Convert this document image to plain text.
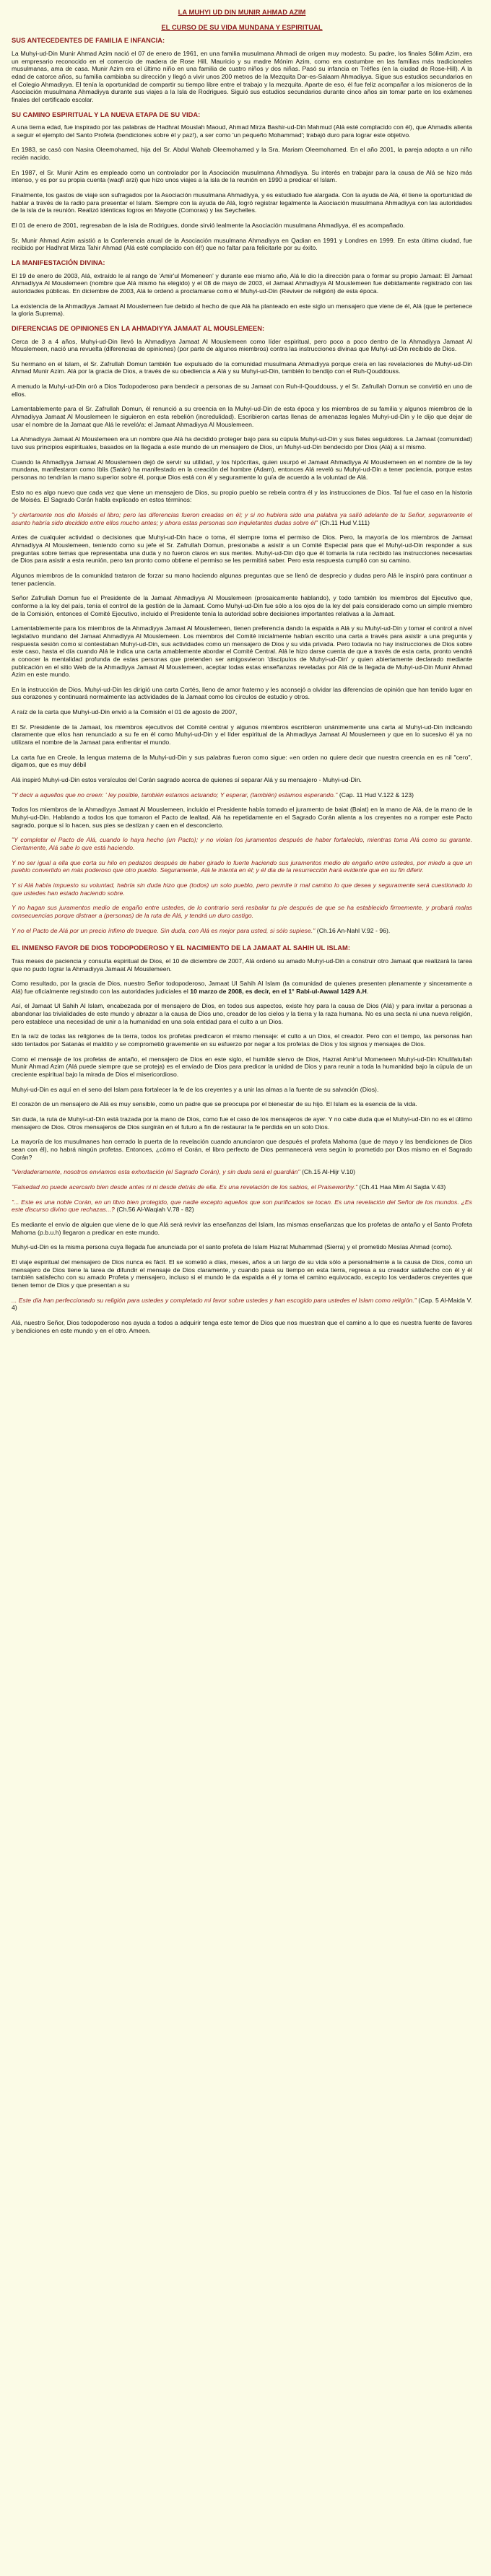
LA MUHYI UD DIN MUNIR AHMAD AZIM
EL CURSO DE SU VIDA MUNDANA Y ESPIRITUAL
SUS ANTECEDENTES DE FAMILIA E INFANCIA:

La Muhyi-ud-Din Munir Ahmad Azim nació el 07 de enero de 1961, en una familia musulmana Ahmadi de origen muy modesto. Su padre, los finales Sólim Azim, era un empresario reconocido en el comercio de madera de Rose Hill, Mauricio y su madre Mónim Azim, como era costumbre en las familias más tradicionales musulmanas, ama de casa. Munir Azim era el último niño en una familia de cuatro niños y dos niñas. Pasó su infancia en Tréfles (en la ciudad de Rose-Hill). A la edad de catorce años, su familia cambiaba su dirección y llegó a vivir unos 200 metros de la Mezquita Dar-es-Salaam Ahmadiyya. Sigue sus estudios secundarios en el Colegio Ahmadiyya. El tenía la oportunidad de compartir su tiempo libre entre el trabajo y la mezquita. Aparte de eso, él fue feliz acompañar a los misioneros de la Asociación musulmana Ahmadiyya durante sus viajes a la Isla de Rodrigues. Siguió sus estudios secundarios durante cinco años sin tomar parte en los exámenes finales del certificado escolar.

SU CAMINO ESPIRITUAL Y LA NUEVA ETAPA DE SU VIDA:

A una tierna edad, fue inspirado por las palabras de Hadhrat Mouslah Maoud, Ahmad Mirza Bashir-ud-Din Mahmud (Alá esté complacido con él), que Ahmadis alienta a seguir el ejemplo del Santo Profeta (bendiciones sobre él y paz!), a ser como 'un pequeño Mohammad'; trabajó duro para lograr este objetivo.

En 1983, se casó con Nasira Oleemohamed, hija del Sr. Abdul Wahab Oleemohamed y la Sra. Mariam Oleemohamed. En el año 2001, la pareja adopta a un niño recién nacido.

En 1987, el Sr. Munir Azim es empleado como un controlador por la Asociación musulmana Ahmadiyya. Su interés en trabajar para la causa de Alá se hizo más intenso, y es por su propia cuenta (waqfi arzi) que hizo unos viajes a la isla de la reunión en 1990 a predicar el Islam.

Finalmente, los gastos de viaje son sufragados por la Asociación musulmana Ahmadiyya, y es estudiado fue alargada. Con la ayuda de Alá, él tiene la oportunidad de hablar a través de la radio para presentar el Islam. Siempre con la ayuda de Alá, logró registrar legalmente la Asociación musulmana Ahmadiyya con las autoridades de la isla de la reunión. Realizó idénticas logros en Mayotte (Comoras) y las Seychelles.

El 01 de enero de 2001, regresaban de la isla de Rodrigues, donde sirvió lealmente la Asociación musulmana Ahmadiyya, él es acompañado.

Sr. Munir Ahmad Azim asistió a la Conferencia anual de la Asociación musulmana Ahmadiyya en Qadian en 1991 y Londres en 1999. En esta última ciudad, fue recibido por Hadhrat Mirza Tahir Ahmad (Alá esté complacido con él!) que no faltar para felicitarle por su éxito.

LA MANIFESTACIÓN DIVINA:

El 19 de enero de 2003, Alá, extraído le al rango de 'Amir'ul Momeneen' y durante ese mismo año, Alá le dio la dirección para o formar su propio Jamaat: El Jamaat Ahmadiyya Al Mouslemeen (nombre que Alá mismo ha elegido) y el 08 de mayo de 2003, el Jamaat Ahmadiyya Al Mouslemeen fue debidamente registrado con las autoridades públicas. En diciembre de 2003, Alá le ordenó a proclamarse como el Muhyi-ud-Din (Reviver de religión) de esta época.

La existencia de la Ahmadiyya Jamaat Al Mouslemeen fue debido al hecho de que Alá ha planteado en este siglo un mensajero que viene de él, Alá (que le pertenece la gloria Suprema).

DIFERENCIAS DE OPINIONES EN LA AHMADIYYA JAMAAT AL MOUSLEMEEN:

Cerca de 3 a 4 años, Muhyi-ud-Din llevó la Ahmadiyya Jamaat Al Mouslemeen como líder espiritual, pero poco a poco dentro de la Ahmadiyya Jamaat Al Mouslemeen, nació una revuelta (diferencias de opiniones) (por parte de algunos miembros) contra las instrucciones divinas que Muhyi-ud-Din recibido de Dios.

Su hermano en el Islam, el Sr. Zafrullah Domun también fue expulsado de la comunidad musulmana Ahmadiyya porque creía en las revelaciones de Muhyi-ud-Din Ahmad Munir Azim. Alá por la gracia de Dios, a través de su obediencia a Alá y su Muhyi-ud-Din, también lo bendijo con el Ruh-Qouddouss.

A menudo la Muhyi-ud-Din oró a Dios Todopoderoso para bendecir a personas de su Jamaat con Ruh-il-Qouddouss, y el Sr. Zafrullah Domun se convirtió en uno de ellos.

Lamentablemente para el Sr. Zafrullah Domun, él renunció a su creencia en la Muhyi-ud-Din de esta época y los miembros de su familia y algunos miembros de la Ahmadiyya Jamaat Al Mouslemeen le siguieron en esta rebelión (incredulidad). Escribieron cartas llenas de amenazas legales Muhyi-ud-Din y le dijo que dejar de usar el nombre de la Jamaat que Alá le reveló/a: el Jamaat Ahmadiyya Al Mouslemeen.

La Ahmadiyya Jamaat Al Mouslemeen era un nombre que Alá ha decidido proteger bajo para su cúpula Muhyi-ud-Din y sus fieles seguidores. La Jamaat (comunidad) tuvo sus principios espirituales, basados en la llegada a este mundo de un mensajero de Dios, un Muhyi-ud-Din bendecido por Dios (Alá) a sí mismo.

Cuando la Ahmadiyya Jamaat Al Mouslemeen dejó de servir su utilidad, y los hipócritas, quien usurpó el Jamaat Ahmadiyya Al Mouslemeen en el nombre de la ley mundana, manifestaron como Iblis (Satán) ha manifestado en la creación del hombre (Adam), entonces Alá reveló su Muhyi-ud-Din a tener paciencia, porque estas personas no tendrían la mano superior sobre él, porque Dios está con él y seguramente lo guía de acuerdo a la voluntad de Alá.

Esto no es algo nuevo que cada vez que viene un mensajero de Dios, su propio pueblo se rebela contra él y las instrucciones de Dios. Tal fue el caso en la historia de Moisés. El Sagrado Corán habla explicado en estos términos:

"y ciertamente nos dio Moisés el libro; pero las diferencias fueron creadas en él; y si no hubiera sido una palabra ya salió adelante de tu Señor, seguramente el asunto habría sido decidido entre ellos mucho antes; y ahora estas personas son inquietantes dudas sobre él" (Ch.11 Hud V.111)

Antes de cualquier actividad o decisiones que Muhyi-ud-Din hace o toma, él siempre toma el permiso de Dios. Pero, la mayoría de los miembros de Jamaat Ahmadiyya Al Mouslemeen, teniendo como su jefe el Sr. Zafrullah Domun, presionaba a asistir a un Comité Especial para que el Muhyi-ud-Din responder a sus preguntas sobre temas que representaba una duda y no fueron claros en sus mentes. Muhyi-ud-Din dijo que él tomaría la ruta recibido las instrucciones necesarias de Dios para asistir a esta reunión, pero tan pronto como obtiene el permiso se les permitirá saber. Pero esta respuesta cumplió con su camino.

Algunos miembros de la comunidad trataron de forzar su mano haciendo algunas preguntas que se llenó de desprecio y dudas pero Alá le inspiró para continuar a tener paciencia.

Señor Zafrullah Domun fue el Presidente de la Jamaat Ahmadiyya Al Mouslemeen (prosaicamente hablando), y todo también los miembros del Ejecutivo que, conforme a la ley del país, tenía el control de la gestión de la Jamaat. Como Muhyi-ud-Din fue sólo a los ojos de la ley del país considerado como un simple miembro de la Comisión, entonces el Comité Ejecutivo, incluido el Presidente tenía la autoridad sobre decisiones importantes relativas a la Jamaat.

Lamentablemente para los miembros de la Ahmadiyya Jamaat Al Mouslemeen, tienen preferencia dando la espalda a Alá y su Muhyi-ud-Din y tomar el control a nivel legislativo mundano del Jamaat Ahmadiyya Al Mouslemeen. Los miembros del Comité inicialmente habían escrito una carta a través para asistir a una pregunta y respuesta sesión como si contestaban Muhyi-ud-Din, sus actividades como un mensajero de Dios y su vida privada. Pero todavía no hay instrucciones de Dios sobre este caso, hasta el día cuando Alá le indica una carta amablemente abordar el Comité Central. Alá le hizo darse cuenta de que a través de esta carta, pronto vendrá a conocer la mentalidad profunda de estas personas que pretenden ser amigosvieron 'discípulos de Muhyi-ud-Din' y quien abiertamente declarado mediante publicación en el sitio Web de la Ahmadiyya Jamaat Al Mouslemeen, aceptar todas estas enseñanzas reveladas por Alá de la llegada de Muhyi-ud-Din Munir Ahmad Azim en este mundo.

En la instrucción de Dios, Muhyi-ud-Din les dirigió una carta Cortés, lleno de amor fraterno y les aconsejó a olvidar las diferencias de opinión que han tenido lugar en sus corazones y continuará normalmente las actividades de la Jamaat como los círculos de estudio y otros.

A raíz de la carta que Muhyi-ud-Din envió a la Comisión el 01 de agosto de 2007,

El Sr. Presidente de la Jamaat, los miembros ejecutivos del Comité central y algunos miembros escribieron unánimemente una carta al Muhyi-ud-Din indicando claramente que ellos han renunciado a su fe en él como Muhyi-ud-Din y el líder espiritual de la Ahmadiyya Jamaat Al Mouslemeen y que en lo sucesivo él ya no utilizara el nombre de la Jamaat para enfrentar el mundo.

La carta fue en Creole, la lengua materna de la Muhyi-ud-Din y sus palabras fueron como sigue: «en orden no quiere decir que nuestra creencia en es nil "cero", digamos, que es muy débil

Alá inspiró Muhyi-ud-Din estos versículos del Corán sagrado acerca de quienes sí separar Alá y su mensajero - Muhyi-ud-Din.

"Y decir a aquellos que no creen: ' ley posible, también estamos actuando; Y esperar, (también) estamos esperando." (Cap. 11 Hud V.122 & 123)

Todos los miembros de la Ahmadiyya Jamaat Al Mouslemeen, incluido el Presidente había tomado el juramento de baiat (Baiat) en la mano de Alá, de la mano de la Muhyi-ud-Din. Hablando a todos los que tomaron el Pacto de lealtad, Alá ha repetidamente en el Sagrado Corán alienta a los creyentes no a romper este Pacto sagrado, porque si lo hacen, sus pies se destizan y caen en el desconcierto.

"Y completar el Pacto de Alá, cuando lo haya hecho (un Pacto); y no violan los juramentos después de haber fortalecido, mientras toma Alá como su garante. Ciertamente, Alá sabe lo que está haciendo.

Y no ser igual a ella que corta su hilo en pedazos después de haber girado lo fuerte haciendo sus juramentos medio de engaño entre ustedes, por miedo a que un pueblo convertido en más poderoso que otro pueblo. Seguramente, Alá le intenta en él; y él dia de la resurrección hará evidente que en su fin diferir.

Y si Alá había impuesto su voluntad, habría sin duda hizo que (todos) un solo pueblo, pero permite ir mal camino lo que desea y seguramente será cuestionado lo que ustedes han estado haciendo sobre.

Y no hagan sus juramentos medio de engaño entre ustedes, de lo contrario será resbalar tu pie después de que se ha establecido firmemente, y probará malas consecuencias porque distraer a (personas) de la ruta de Alá, y tendrá un duro castigo.

Y no el Pacto de Alá por un precio ínfimo de trueque. Sin duda, con Alá es mejor para usted, si sólo supiese." (Ch.16 An-Nahl V.92 - 96).

EL INMENSO FAVOR DE DIOS TODOPODEROSO Y EL NACIMIENTO DE LA JAMAAT AL SAHIH UL ISLAM:

Tras meses de paciencia y consulta espiritual de Dios, el 10 de diciembre de 2007, Alá ordenó su amado Muhyi-ud-Din a construir otro Jamaat que realizará la tarea que no pudo lograr la Ahmadiyya Jamaat Al Mouslemeen.

Como resultado, por la gracia de Dios, nuestro Señor todopoderoso, Jamaat Ul Sahih Al Islam (la comunidad de quienes presenten plenamente y sinceramente a Alá) fue oficialmente registrado con las autoridades judiciales el 10 marzo de 2008, es decir, en el 1° Rabi-ul-Awwal 1429 A.H.

Así, el Jamaat Ul Sahih Al Islam, encabezada por el mensajero de Dios, en todos sus aspectos, existe hoy para la causa de Dios (Alá) y para invitar a personas a abandonar las trivialidades de este mundo y abrazar a la causa de Dios uno, creador de los cielos y la tierra y la raza humana. No es una secta ni una nueva religión, pero establece una necesidad de unir a la humanidad en una sola entidad para el culto a un Dios.

En la raíz de todas las religiones de la tierra, todos los profetas predicaron el mismo mensaje: el culto a un Dios, el creador. Pero con el tiempo, las personas han sido tentados por Satanás el maldito y se comprometió gravemente en su esfuerzo por negar a los profetas de Dios y los signos y mensajes de Dios.

Como el mensaje de los profetas de antaño, el mensajero de Dios en este siglo, el humilde siervo de Dios, Hazrat Amir'ul Momeneen Muhyi-ud-Din Khulifatullah Munir Ahmad Azim (Alá puede siempre que se proteja) es el enviado de Dios para predicar la unidad de Dios y para reunir a toda la humanidad bajo la cúpula de un creciente espiritual bajo la mirada de Dios el misericordioso.

Muhyi-ud-Din es aquí en el seno del Islam para fortalecer la fe de los creyentes y a unir las almas a la fuente de su salvación (Dios).

El corazón de un mensajero de Alá es muy sensible, como un padre que se preocupa por el bienestar de su hijo. El Islam es la esencia de la vida.

Sin duda, la ruta de Muhyi-ud-Din está trazada por la mano de Dios, como fue el caso de los mensajeros de ayer. Y no cabe duda que el Muhyi-ud-Din no es el último mensajero de Dios. Otros mensajeros de Dios surgirán en el futuro a fin de restaurar la fe perdida en un solo Dios.

La mayoría de los musulmanes han cerrado la puerta de la revelación cuando anunciaron que después el profeta Mahoma (que de mayo y las bendiciones de Dios sean con él), no habrá ningún profetas. Entonces, ¿cómo el Corán, el libro perfecto de Dios permanecerá vera según lo prometido por Dios mismo en el Sagrado Corán?

"Verdaderamente, nosotros enviamos esta exhortación (el Sagrado Corán), y sin duda será el guardián" (Ch.15 Al-Hijr V.10)

"Falsedad no puede acercarlo bien desde antes ni ni desde detrás de ella. Es una revelación de los sabios, el Praiseworthy." (Ch.41 Haa Mim Al Sajda V.43)

"... Este es una noble Corán, en un libro bien protegido, que nadie excepto aquellos que son purificados se tocan. Es una revelación del Señor de los mundos. ¿Es este discurso divino que rechazas...? (Ch.56 Al-Waqiah V.78 - 82)

Es mediante el envío de alguien que viene de lo que Alá será revivir las enseñanzas del Islam, las mismas enseñanzas que los profetas de antaño y el Santo Profeta Mahoma (p.b.u.h) llegaron a predicar en este mundo.

Muhyi-ud-Din es la misma persona cuya llegada fue anunciada por el santo profeta de Islam Hazrat Muhammad (Sierra) y el prometido Mesías Ahmad (como).

El viaje espiritual del mensajero de Dios nunca es fácil. El se sometió a días, meses, años a un largo de su vida sólo a personalmente a la causa de Dios, como un mensajero de Dios tiene la tarea de difundir el mensaje de Dios claramente, y cuando pasa su tiempo en esta tierra, regresa a su creador satisfecho con él y él también satisfecho con su amado Profeta y mensajero, incluso si el mundo le da espalda a él y toma el camino equivocado, excepto los verdaderos creyentes que tienen temor de Dios y que presentan a su

... Este día han perfeccionado su religión para ustedes y completado mi favor sobre ustedes y han escogido para ustedes el Islam como religión." (Cap. 5 Al-Maida V. 4)

Alá, nuestro Señor, Dios todopoderoso nos ayuda a todos a adquirir tenga este temor de Dios que nos muestran que el camino a lo que es nuestra fuente de favores y bendiciones en este mundo y en el otro. Ameen.
